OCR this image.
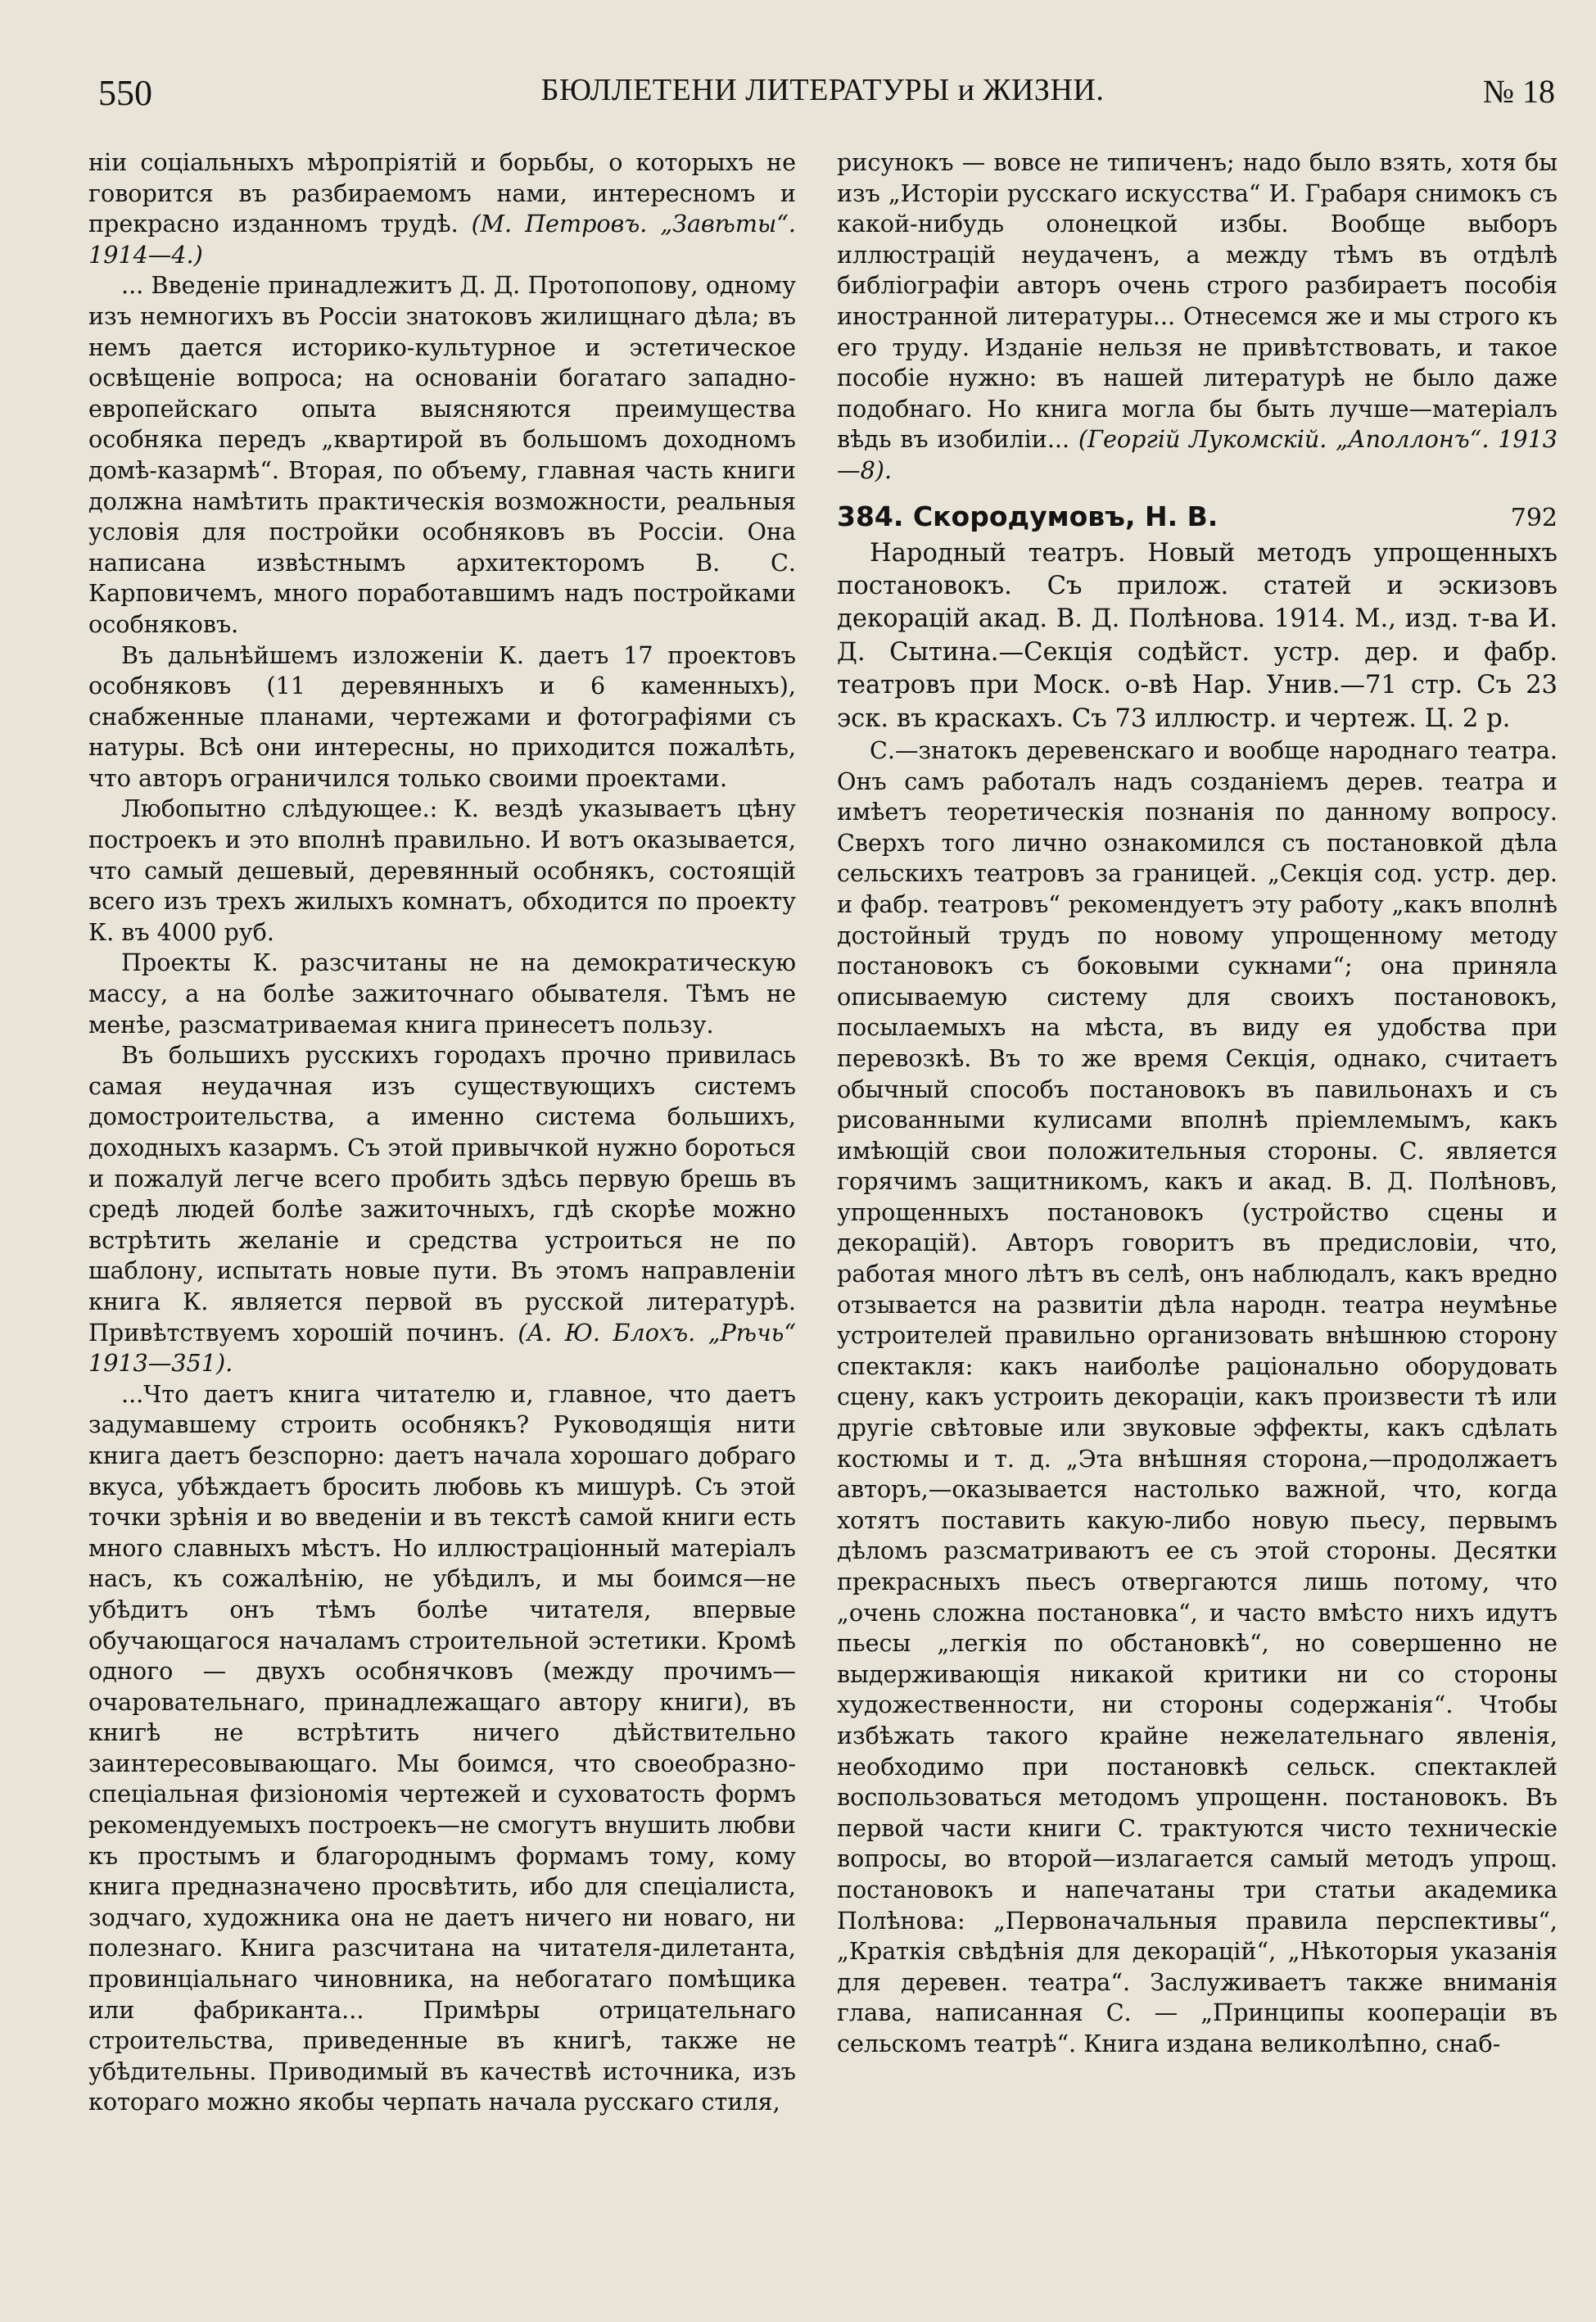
550	БЮЛЛЕТЕНИ ЛИТЕРАТУРЫ и ЖИЗНИ.	№ 18

нiи соцiальныхъ мѣропрiятiй и борьбы, о которыхъ не говорится въ разбираемомъ нами, интересномъ и прекрасно изданномъ трудѣ. (М. Петровъ. „Завѣты“. 1914—4.)

... Введенiе принадлежитъ Д. Д. Протопопову, одному изъ немногихъ въ Россiи знатоковъ жилищнаго дѣла; въ немъ дается историко-культурное и эстетическое освѣщенiе вопроса; на основанiи богатаго западно-европейскаго опыта выясняются преимущества особняка передъ „квартирой въ большомъ доходномъ домѣ-казармѣ“. Вторая, по объему, главная часть книги должна намѣтить практическiя возможности, реальныя условiя для постройки особняковъ въ Россiи. Она написана извѣстнымъ архитекторомъ В. С. Карповичемъ, много поработавшимъ надъ постройками особняковъ.

Въ дальнѣйшемъ изложенiи К. даетъ 17 проектовъ особняковъ (11 деревянныхъ и 6 каменныхъ), снабженные планами, чертежами и фотографiями съ натуры. Всѣ они интересны, но приходится пожалѣть, что авторъ ограничился только своими проектами.

Любопытно слѣдующее.: К. вездѣ указываетъ цѣну построекъ и это вполнѣ правильно. И вотъ оказывается, что самый дешевый, деревянный особнякъ, состоящiй всего изъ трехъ жилыхъ комнатъ, обходится по проекту К. въ 4000 руб.

Проекты К. разсчитаны не на демократическую массу, а на болѣе зажиточнаго обывателя. Тѣмъ не менѣе, разсматриваемая книга принесетъ пользу.

Въ большихъ русскихъ городахъ прочно привилась самая неудачная изъ существующихъ системъ домостроительства, а именно система большихъ, доходныхъ казармъ. Съ этой привычкой нужно бороться и пожалуй легче всего пробить здѣсь первую брешь въ средѣ людей болѣе зажиточныхъ, гдѣ скорѣе можно встрѣтить желанiе и средства устроиться не по шаблону, испытать новые пути. Въ этомъ направленiи книга К. является первой въ русской литературѣ. Привѣтствуемъ хорошiй починъ. (А. Ю. Блохъ. „Рѣчь“ 1913—351).

...Что даетъ книга читателю и, главное, что даетъ задумавшему строить особнякъ? Руководящiя нити книга даетъ безспорно: даетъ начала хорошаго добраго вкуса, убѣждаетъ бросить любовь къ мишурѣ. Съ этой точки зрѣнiя и во введенiи и въ текстѣ самой книги есть много славныхъ мѣстъ. Но иллюстрацiонный матерiалъ насъ, къ сожалѣнiю, не убѣдилъ, и мы боимся—не убѣдитъ онъ тѣмъ болѣе читателя, впервые обучающагося началамъ строительной эстетики. Кромѣ одного — двухъ особнячковъ (между прочимъ—очаровательнаго, принадлежащаго автору книги), въ книгѣ не встрѣтить ничего дѣйствительно заинтересовывающаго. Мы боимся, что своеобразно-спецiальная физiономiя чертежей и суховатость формъ рекомендуемыхъ построекъ—не смогутъ внушить любви къ простымъ и благороднымъ формамъ тому, кому книга предназначено просвѣтить, ибо для спецiалиста, зодчаго, художника она не даетъ ничего ни новаго, ни полезнаго. Книга разсчитана на читателя-дилетанта, провинцiальнаго чиновника, на небогатаго помѣщика или фабриканта... Примѣры отрицательнаго строительства, приведенные въ книгѣ, также не убѣдительны. Приводимый въ качествѣ источника, изъ котораго можно якобы черпать начала русскаго стиля,

рисунокъ — вовсе не типиченъ; надо было взять, хотя бы изъ „Исторiи русскаго искусства“ И. Грабаря снимокъ съ какой-нибудь олонецкой избы. Вообще выборъ иллюстрацiй неудаченъ, а между тѣмъ въ отдѣлѣ библiографiи авторъ очень строго разбираетъ пособiя иностранной литературы... Отнесемся же и мы строго къ его труду. Изданiе нельзя не привѣтствовать, и такое пособiе нужно: въ нашей литературѣ не было даже подобнаго. Но книга могла бы быть лучше—матерiалъ вѣдь въ изобилiи... (Георгiй Лукомскiй. „Аполлонъ“. 1913—8).

384. Скородумовъ, Н. В.	792

Народный театръ. Новый методъ упрощенныхъ постановокъ. Съ прилож. статей и эскизовъ декорацiй акад. В. Д. Полѣнова. 1914. М., изд. т-ва И. Д. Сытина.—Секцiя содѣйст. устр. дер. и фабр. театровъ при Моск. о-вѣ Нар. Унив.—71 стр. Съ 23 эск. въ краскахъ. Съ 73 иллюстр. и чертеж. Ц. 2 р.

С.—знатокъ деревенскаго и вообще народнаго театра. Онъ самъ работалъ надъ созданiемъ дерев. театра и имѣетъ теоретическiя познанiя по данному вопросу. Сверхъ того лично ознакомился съ постановкой дѣла сельскихъ театровъ за границей. „Секцiя сод. устр. дер. и фабр. театровъ“ рекомендуетъ эту работу „какъ вполнѣ достойный трудъ по новому упрощенному методу постановокъ съ боковыми сукнами“; она приняла описываемую систему для своихъ постановокъ, посылаемыхъ на мѣста, въ виду ея удобства при перевозкѣ. Въ то же время Секцiя, однако, считаетъ обычный способъ постановокъ въ павильонахъ и съ рисованными кулисами вполнѣ прiемлемымъ, какъ имѣющiй свои положительныя стороны. С. является горячимъ защитникомъ, какъ и акад. В. Д. Полѣновъ, упрощенныхъ постановокъ (устройство сцены и декорацiй). Авторъ говоритъ въ предисловiи, что, работая много лѣтъ въ селѣ, онъ наблюдалъ, какъ вредно отзывается на развитiи дѣла народн. театра неумѣнье устроителей правильно организовать внѣшнюю сторону спектакля: какъ наиболѣе рацiонально оборудовать сцену, какъ устроить декорацiи, какъ произвести тѣ или другiе свѣтовые или звуковые эффекты, какъ сдѣлать костюмы и т. д. „Эта внѣшняя сторона,—продолжаетъ авторъ,—оказывается настолько важной, что, когда хотятъ поставить какую-либо новую пьесу, первымъ дѣломъ разсматриваютъ ее съ этой стороны. Десятки прекрасныхъ пьесъ отвергаются лишь потому, что „очень сложна постановка“, и часто вмѣсто нихъ идутъ пьесы „легкiя по обстановкѣ“, но совершенно не выдерживающiя никакой критики ни со стороны художественности, ни стороны содержанiя“. Чтобы избѣжать такого крайне нежелательнаго явленiя, необходимо при постановкѣ сельск. спектаклей воспользоваться методомъ упрощенн. постановокъ. Въ первой части книги С. трактуются чисто техническiе вопросы, во второй—излагается самый методъ упрощ. постановокъ и напечатаны три статьи академика Полѣнова: „Первоначальныя правила перспективы“, „Краткiя свѣдѣнiя для декорацiй“, „Нѣкоторыя указанiя для деревен. театра“. Заслуживаетъ также вниманiя глава, написанная С. — „Принципы кооперацiи въ сельскомъ театрѣ“. Книга издана великолѣпно, снаб-
